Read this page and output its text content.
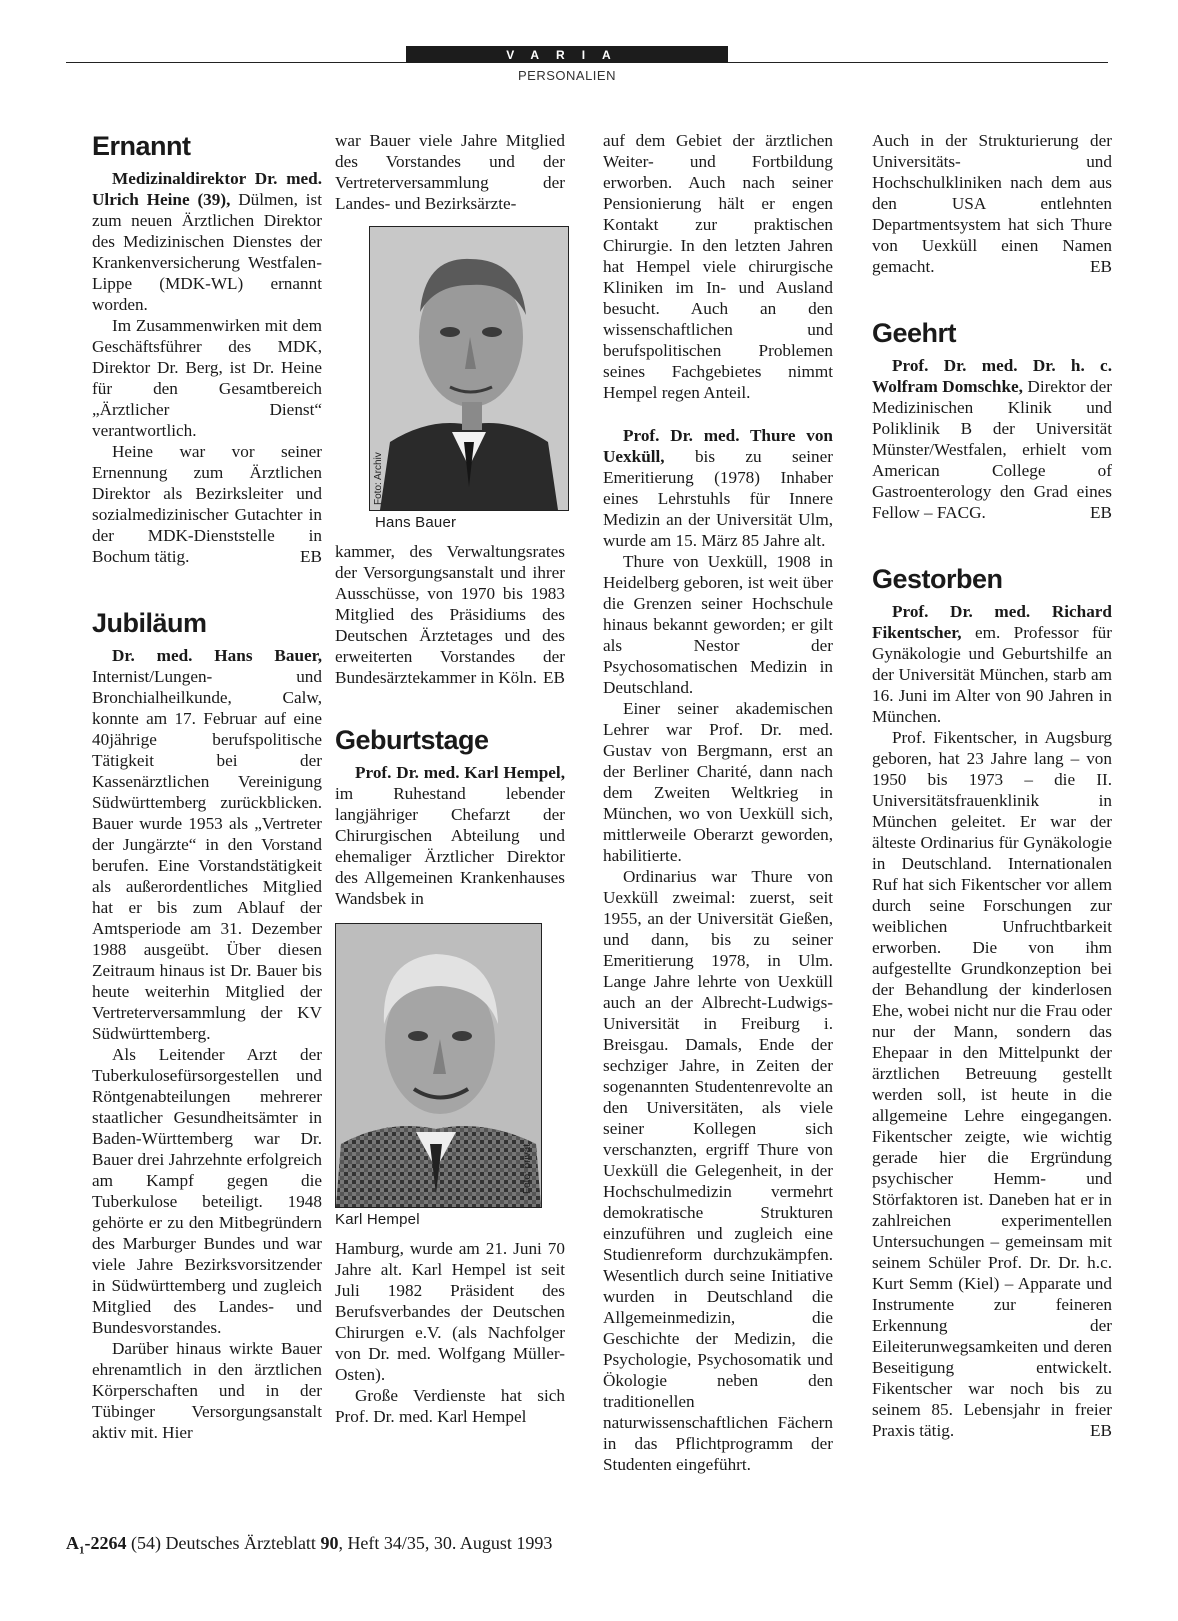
VARIA
PERSONALIEN
Ernannt

Medizinaldirektor Dr. med. Ulrich Heine (39), Dülmen, ist zum neuen Ärztlichen Direktor des Medizinischen Dienstes der Krankenversicherung Westfalen-Lippe (MDK-WL) ernannt worden.

Im Zusammenwirken mit dem Geschäftsführer des MDK, Direktor Dr. Berg, ist Dr. Heine für den Gesamtbereich „Ärztlicher Dienst“ verantwortlich.

Heine war vor seiner Ernennung zum Ärztlichen Direktor als Bezirksleiter und sozialmedizinischer Gutachter in der MDK-Dienststelle in Bochum tätig.	EB

Jubiläum

Dr. med. Hans Bauer, Internist/Lungen- und Bronchialheilkunde, Calw, konnte am 17. Februar auf eine 40jährige berufspolitische Tätigkeit bei der Kassenärztlichen Vereinigung Südwürttemberg zurückblicken. Bauer wurde 1953 als „Vertreter der Jungärzte“ in den Vorstand berufen. Eine Vorstandstätigkeit als außerordentliches Mitglied hat er bis zum Ablauf der Amtsperiode am 31. Dezember 1988 ausgeübt. Über diesen Zeitraum hinaus ist Dr. Bauer bis heute weiterhin Mitglied der Vertreterversammlung der KV Südwürttemberg.

Als Leitender Arzt der Tuberkulosefürsorgestellen und Röntgenabteilungen mehrerer staatlicher Gesundheitsämter in Baden-Württemberg war Dr. Bauer drei Jahrzehnte erfolgreich am Kampf gegen die Tuberkulose beteiligt. 1948 gehörte er zu den Mitbegründern des Marburger Bundes und war viele Jahre Bezirksvorsitzender in Südwürttemberg und zugleich Mitglied des Landes- und Bundesvorstandes.

Darüber hinaus wirkte Bauer ehrenamtlich in den ärztlichen Körperschaften und in der Tübinger Versorgungsanstalt aktiv mit. Hier

war Bauer viele Jahre Mitglied des Vorstandes und der Vertreterversammlung der Landes- und Bezirksärzte-

Foto: Archiv
Hans Bauer

kammer, des Verwaltungsrates der Versorgungsanstalt und ihrer Ausschüsse, von 1970 bis 1983 Mitglied des Präsidiums des Deutschen Ärztetages und des erweiterten Vorstandes der Bundesärztekammer in Köln. EB

Geburtstage

Prof. Dr. med. Karl Hempel, im Ruhestand lebender langjähriger Chefarzt der Chirurgischen Abteilung und ehemaliger Ärztlicher Direktor des Allgemeinen Krankenhauses Wandsbek in

Foto: privat
Karl Hempel

Hamburg, wurde am 21. Juni 70 Jahre alt. Karl Hempel ist seit Juli 1982 Präsident des Berufsverbandes der Deutschen Chirurgen e.V. (als Nachfolger von Dr. med. Wolfgang Müller-Osten).

Große Verdienste hat sich Prof. Dr. med. Karl Hempel

auf dem Gebiet der ärztlichen Weiter- und Fortbildung erworben. Auch nach seiner Pensionierung hält er engen Kontakt zur praktischen Chirurgie. In den letzten Jahren hat Hempel viele chirurgische Kliniken im In- und Ausland besucht. Auch an den wissenschaftlichen und berufspolitischen Problemen seines Fachgebietes nimmt Hempel regen Anteil.

Prof. Dr. med. Thure von Uexküll, bis zu seiner Emeritierung (1978) Inhaber eines Lehrstuhls für Innere Medizin an der Universität Ulm, wurde am 15. März 85 Jahre alt.

Thure von Uexküll, 1908 in Heidelberg geboren, ist weit über die Grenzen seiner Hochschule hinaus bekannt geworden; er gilt als Nestor der Psychosomatischen Medizin in Deutschland.

Einer seiner akademischen Lehrer war Prof. Dr. med. Gustav von Bergmann, erst an der Berliner Charité, dann nach dem Zweiten Weltkrieg in München, wo von Uexküll sich, mittlerweile Oberarzt geworden, habilitierte.

Ordinarius war Thure von Uexküll zweimal: zuerst, seit 1955, an der Universität Gießen, und dann, bis zu seiner Emeritierung 1978, in Ulm. Lange Jahre lehrte von Uexküll auch an der Albrecht-Ludwigs-Universität in Freiburg i. Breisgau. Damals, Ende der sechziger Jahre, in Zeiten der sogenannten Studentenrevolte an den Universitäten, als viele seiner Kollegen sich verschanzten, ergriff Thure von Uexküll die Gelegenheit, in der Hochschulmedizin vermehrt demokratische Strukturen einzuführen und zugleich eine Studienreform durchzukämpfen. Wesentlich durch seine Initiative wurden in Deutschland die Allgemeinmedizin, die Geschichte der Medizin, die Psychologie, Psychosomatik und Ökologie neben den traditionellen naturwissenschaftlichen Fächern in das Pflichtprogramm der Studenten eingeführt.

Auch in der Strukturierung der Universitäts- und Hochschulkliniken nach dem aus den USA entlehnten Departmentsystem hat sich Thure von Uexküll einen Namen gemacht.	EB

Geehrt

Prof. Dr. med. Dr. h. c. Wolfram Domschke, Direktor der Medizinischen Klinik und Poliklinik B der Universität Münster/Westfalen, erhielt vom American College of Gastroenterology den Grad eines Fellow – FACG.	EB

Gestorben

Prof. Dr. med. Richard Fikentscher, em. Professor für Gynäkologie und Geburtshilfe an der Universität München, starb am 16. Juni im Alter von 90 Jahren in München.

Prof. Fikentscher, in Augsburg geboren, hat 23 Jahre lang – von 1950 bis 1973 – die II. Universitätsfrauenklinik in München geleitet. Er war der älteste Ordinarius für Gynäkologie in Deutschland. Internationalen Ruf hat sich Fikentscher vor allem durch seine Forschungen zur weiblichen Unfruchtbarkeit erworben. Die von ihm aufgestellte Grundkonzeption bei der Behandlung der kinderlosen Ehe, wobei nicht nur die Frau oder nur der Mann, sondern das Ehepaar in den Mittelpunkt der ärztlichen Betreuung gestellt werden soll, ist heute in die allgemeine Lehre eingegangen. Fikentscher zeigte, wie wichtig gerade hier die Ergründung psychischer Hemm- und Störfaktoren ist. Daneben hat er in zahlreichen experimentellen Untersuchungen – gemeinsam mit seinem Schüler Prof. Dr. Dr. h.c. Kurt Semm (Kiel) – Apparate und Instrumente zur feineren Erkennung der Eileiterunwegsamkeiten und deren Beseitigung entwickelt. Fikentscher war noch bis zu seinem 85. Lebensjahr in freier Praxis tätig.	EB

$A_1-2264$ (54) Deutsches Ärzteblatt 90, Heft 34/35, 30. August 1993
